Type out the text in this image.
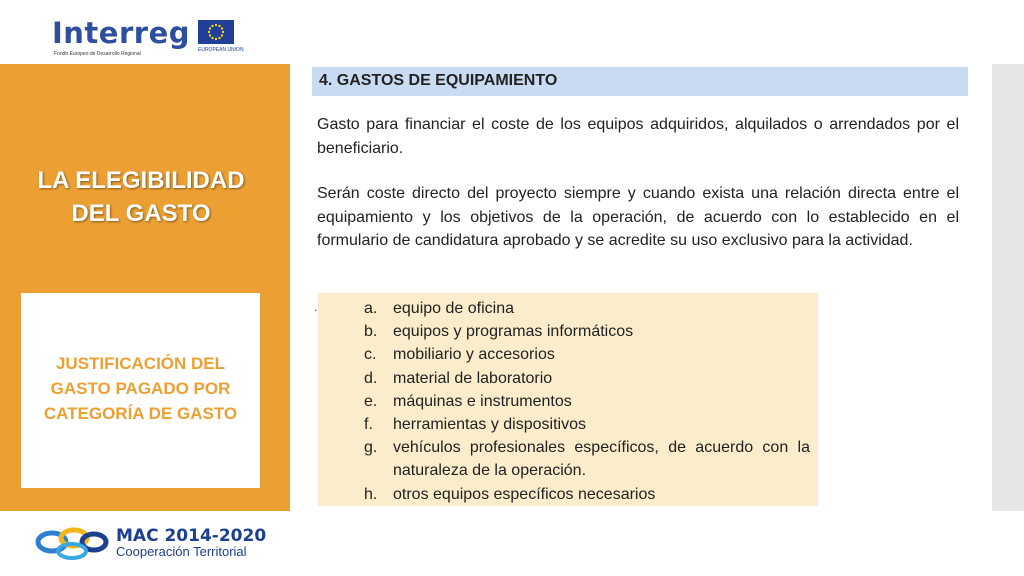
Interreg
Fondo Europeo de Desarrollo Regional
EUROPEAN UNION
LA ELEGIBILIDAD
DEL GASTO
JUSTIFICACIÓN DEL
GASTO PAGADO POR
CATEGORÍA DE GASTO
4. GASTOS DE EQUIPAMIENTO

Gasto para financiar el coste de los equipos adquiridos, alquilados o arrendados por el beneficiario.

Serán coste directo del proyecto siempre y cuando exista una relación directa entre el equipamiento y los objetivos de la operación, de acuerdo con lo establecido en el formulario de candidatura aprobado y se acredite su uso exclusivo para la actividad.

.	a. equipo de oficina
b. equipos y programas informáticos
c. mobiliario y accesorios
d. material de laboratorio
e. máquinas e instrumentos
f. herramientas y dispositivos
g. vehículos profesionales específicos, de acuerdo con la naturaleza de la operación.
h. otros equipos específicos necesarios
MAC 2014-2020
Cooperación Territorial
